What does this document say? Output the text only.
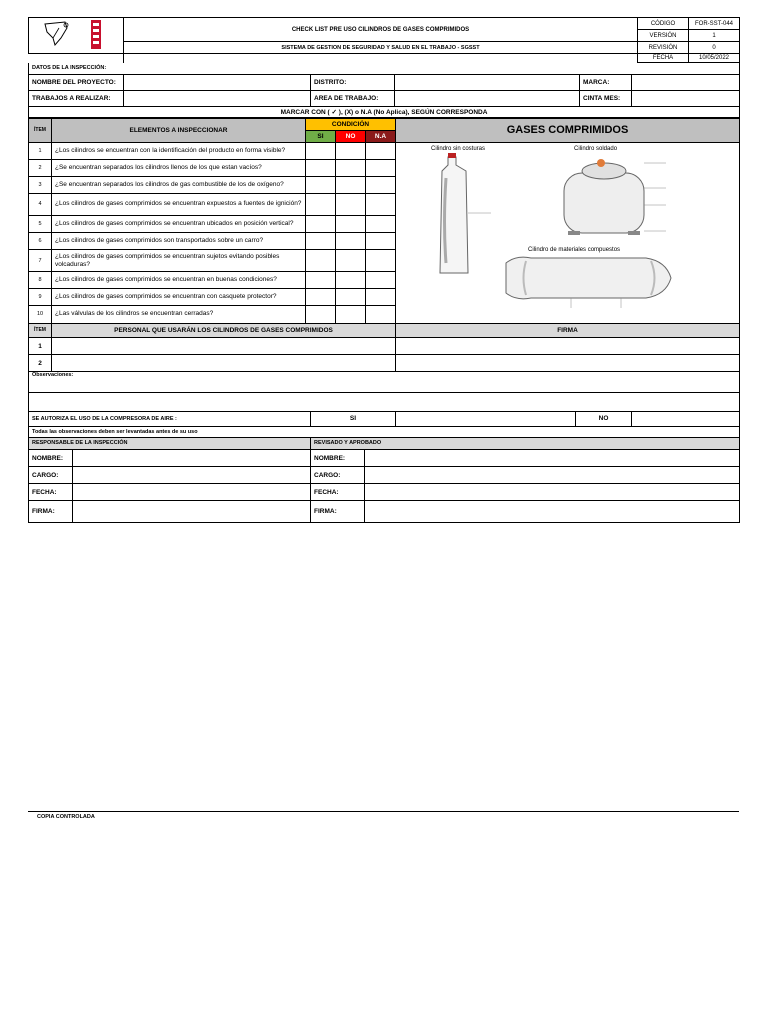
	CHECK LIST PRE USO CILINDROS DE GASES COMPRIMIDOS	CÓDIGO	FOR-SST-044
		VERSIÓN	1
	SISTEMA DE GESTION DE SEGURIDAD Y SALUD EN EL TRABAJO - SGSST	REVISIÓN	0
		FECHA	10/05/2022
DATOS DE LA INSPECCIÓN:					
NOMBRE DEL PROYECTO:		DISTRITO:		MARCA:	
TRABAJOS A REALIZAR:		AREA DE TRABAJO:		CINTA MES:	
MARCAR CON ( ✓ ), (X) o N.A (No Aplica), SEGÚN CORRESPONDA					
ÍTEM	ELEMENTOS A INSPECCIONAR	CONDICIÓN			GASES COMPRIMIDOS
		SI	NO	N.A	
1	¿Los cilindros se encuentran con la identificación del producto en forma visible?				Cilindro sin costuras Cilindro soldado
Cilindro de materiales compuestos

2	¿Se encuentran separados los cilindros llenos de los que estan vacíos?				
3	¿Se encuentran separados los cilindros de gas combustible de los de oxígeno?				
4	¿Los cilindros de gases comprimidos se encuentran expuestos a fuentes de ignición?				
5	¿Los cilindros de gases comprimidos se encuentran ubicados en posición vertical?				
6	¿Los cilindros de gases comprimidos son transportados sobre un carro?				
7	¿Los cilindros de gases comprimidos se encuentran sujetos evitando posibles volcaduras?				
8	¿Los cilindros de gases comprimidos se encuentran en buenas condiciones?				
9	¿Los cilindros de gases comprimidos se encuentran con casquete protector?				
10	¿Las válvulas de los cilindros se encuentran cerradas?				
ÍTEM	PERSONAL QUE USARÁN LOS CILINDROS DE GASES COMPRIMIDOS	FIRMA
1		
2		
Observaciones:

SE AUTORIZA EL USO DE LA COMPRESORA DE AIRE :	SI		NO	
Todas las observaciones deben ser levantadas antes de su uso
RESPONSABLE DE LA INSPECCIÓN		REVISADO Y APROBADO	
NOMBRE:		NOMBRE:	
CARGO:		CARGO:	
FECHA:		FECHA:	
FIRMA:		FIRMA:	
COPIA CONTROLADA
